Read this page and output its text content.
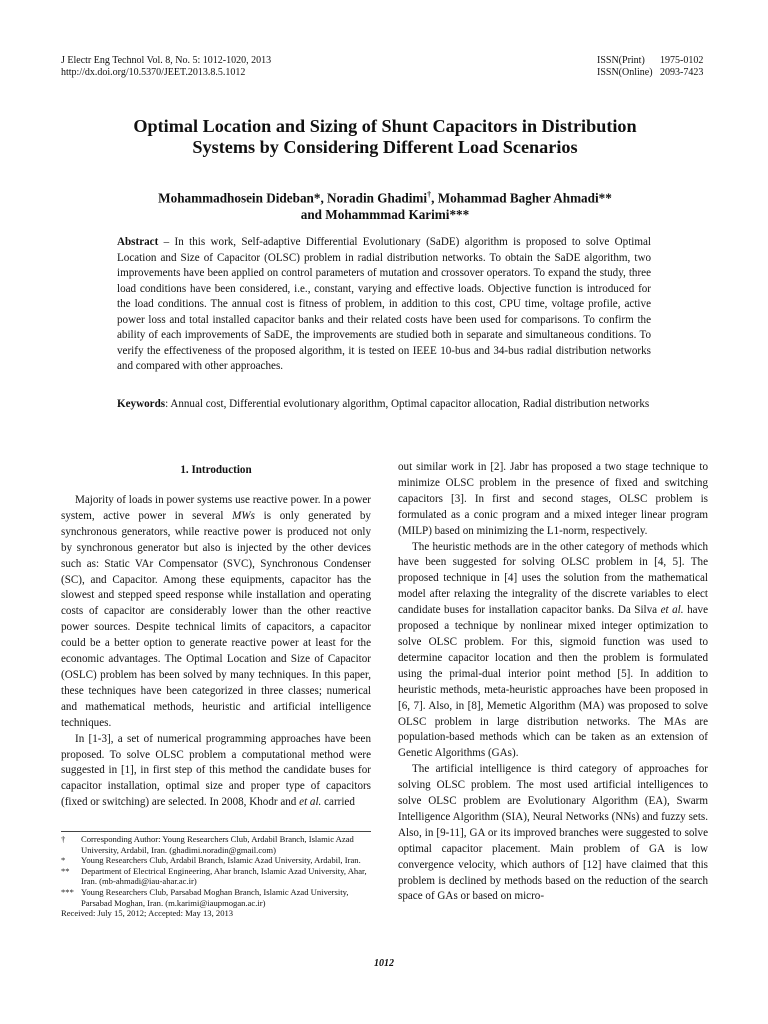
J Electr Eng Technol Vol. 8, No. 5: 1012-1020, 2013
http://dx.doi.org/10.5370/JEET.2013.8.5.1012
ISSN(Print)	1975-0102
ISSN(Online) 2093-7423
Optimal Location and Sizing of Shunt Capacitors in Distribution
Systems by Considering Different Load Scenarios
Mohammadhosein Dideban*, Noradin Ghadimi†, Mohammad Bagher Ahmadi**
and Mohammmad Karimi***
Abstract – In this work, Self-adaptive Differential Evolutionary (SaDE) algorithm is proposed to solve Optimal Location and Size of Capacitor (OLSC) problem in radial distribution networks. To obtain the SaDE algorithm, two improvements have been applied on control parameters of mutation and crossover operators. To expand the study, three load conditions have been considered, i.e., constant, varying and effective loads. Objective function is introduced for the load conditions. The annual cost is fitness of problem, in addition to this cost, CPU time, voltage profile, active power loss and total installed capacitor banks and their related costs have been used for comparisons. To confirm the ability of each improvements of SaDE, the improvements are studied both in separate and simultaneous conditions. To verify the effectiveness of the proposed algorithm, it is tested on IEEE 10-bus and 34-bus radial distribution networks and compared with other approaches.
Keywords: Annual cost, Differential evolutionary algorithm, Optimal capacitor allocation, Radial distribution networks
1. Introduction

Majority of loads in power systems use reactive power. In a power system, active power in several MWs is only generated by synchronous generators, while reactive power is produced not only by synchronous generator but also is injected by the other devices such as: Static VAr Compensator (SVC), Synchronous Condenser (SC), and Capacitor. Among these equipments, capacitor has the slowest and stepped speed response while installation and operating costs of capacitor are considerably lower than the other reactive power sources. Despite technical limits of capacitors, a capacitor could be a better option to generate reactive power at least for the economic advantages. The Optimal Location and Size of Capacitor (OSLC) problem has been solved by many techniques. In this paper, these techniques have been categorized in three classes; numerical and mathematical methods, heuristic and artificial intelligence techniques.

In [1-3], a set of numerical programming approaches have been proposed. To solve OLSC problem a computational method were suggested in [1], in first step of this method the candidate buses for capacitor installation, optimal size and proper type of capacitors (fixed or switching) are selected. In 2008, Khodr and et al. carried

†	Corresponding Author: Young Researchers Club, Ardabil Branch, Islamic Azad University, Ardabil, Iran. (ghadimi.noradin@gmail.com)
*	Young Researchers Club, Ardabil Branch, Islamic Azad University, Ardabil, Iran.
**	Department of Electrical Engineering, Ahar branch, Islamic Azad University, Ahar, Iran. (mb-ahmadi@iau-ahar.ac.ir)
*** Young Researchers Club, Parsabad Moghan Branch, Islamic Azad University, Parsabad Moghan, Iran. (m.karimi@iaupmogan.ac.ir)
Received: July 15, 2012; Accepted: May 13, 2013

out similar work in [2]. Jabr has proposed a two stage technique to minimize OLSC problem in the presence of fixed and switching capacitors [3]. In first and second stages, OLSC problem is formulated as a conic program and a mixed integer linear program (MILP) based on minimizing the L1-norm, respectively.

The heuristic methods are in the other category of methods which have been suggested for solving OLSC problem in [4, 5]. The proposed technique in [4] uses the solution from the mathematical model after relaxing the integrality of the discrete variables to elect candidate buses for installation capacitor banks. Da Silva et al. have proposed a technique by nonlinear mixed integer optimization to solve OLSC problem. For this, sigmoid function was used to determine capacitor location and then the problem is formulated using the primal-dual interior point method [5]. In addition to heuristic methods, meta-heuristic approaches have been proposed in [6, 7]. Also, in [8], Memetic Algorithm (MA) was proposed to solve OLSC problem in large distribution networks. The MAs are population-based methods which can be taken as an extension of Genetic Algorithms (GAs).

The artificial intelligence is third category of approaches for solving OLSC problem. The most used artificial intelligences to solve OLSC problem are Evolutionary Algorithm (EA), Swarm Intelligence Algorithm (SIA), Neural Networks (NNs) and fuzzy sets. Also, in [9-11], GA or its improved branches were suggested to solve optimal capacitor placement. Main problem of GA is low convergence velocity, which authors of [12] have claimed that this problem is declined by methods based on the reduction of the search space of GAs or based on micro-

1012
